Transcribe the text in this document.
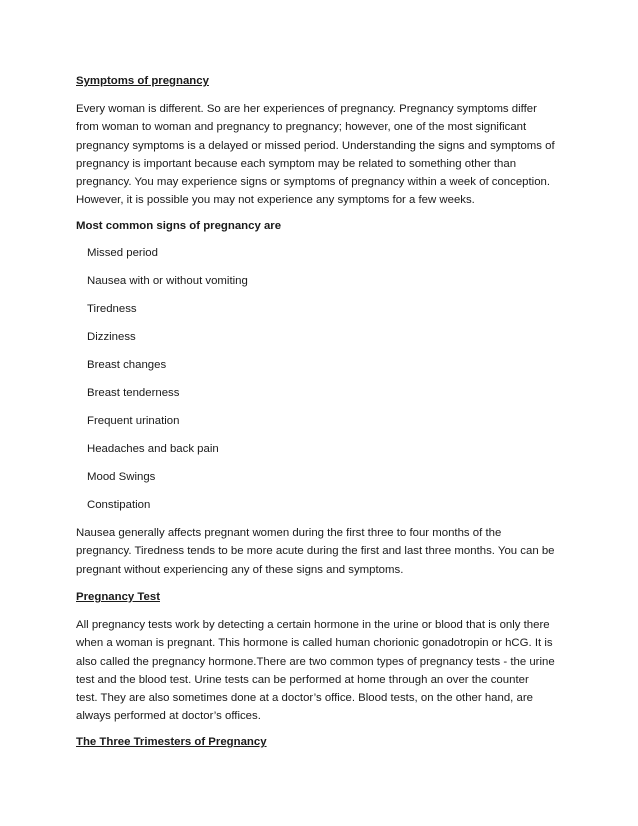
Symptoms of pregnancy
Every woman is different. So are her experiences of pregnancy. Pregnancy symptoms differ
from woman to woman and pregnancy to pregnancy; however, one of the most significant
pregnancy symptoms is a delayed or missed period. Understanding the signs and symptoms of
pregnancy is important because each symptom may be related to something other than
pregnancy. You may experience signs or symptoms of pregnancy within a week of conception.
However, it is possible you may not experience any symptoms for a few weeks.
Most common signs of pregnancy are
Missed period
Nausea with or without vomiting
Tiredness
Dizziness
Breast changes
Breast tenderness
Frequent urination
Headaches and back pain
Mood Swings
Constipation
Nausea generally affects pregnant women during the first three to four months of the
pregnancy. Tiredness tends to be more acute during the first and last three months. You can be
pregnant without experiencing any of these signs and symptoms.
Pregnancy Test
All pregnancy tests work by detecting a certain hormone in the urine or blood that is only there
when a woman is pregnant. This hormone is called human chorionic gonadotropin or hCG. It is
also called the pregnancy hormone.There are two common types of pregnancy tests - the urine
test and the blood test. Urine tests can be performed at home through an over the counter
test. They are also sometimes done at a doctor’s office. Blood tests, on the other hand, are
always performed at doctor’s offices.
The Three Trimesters of Pregnancy
